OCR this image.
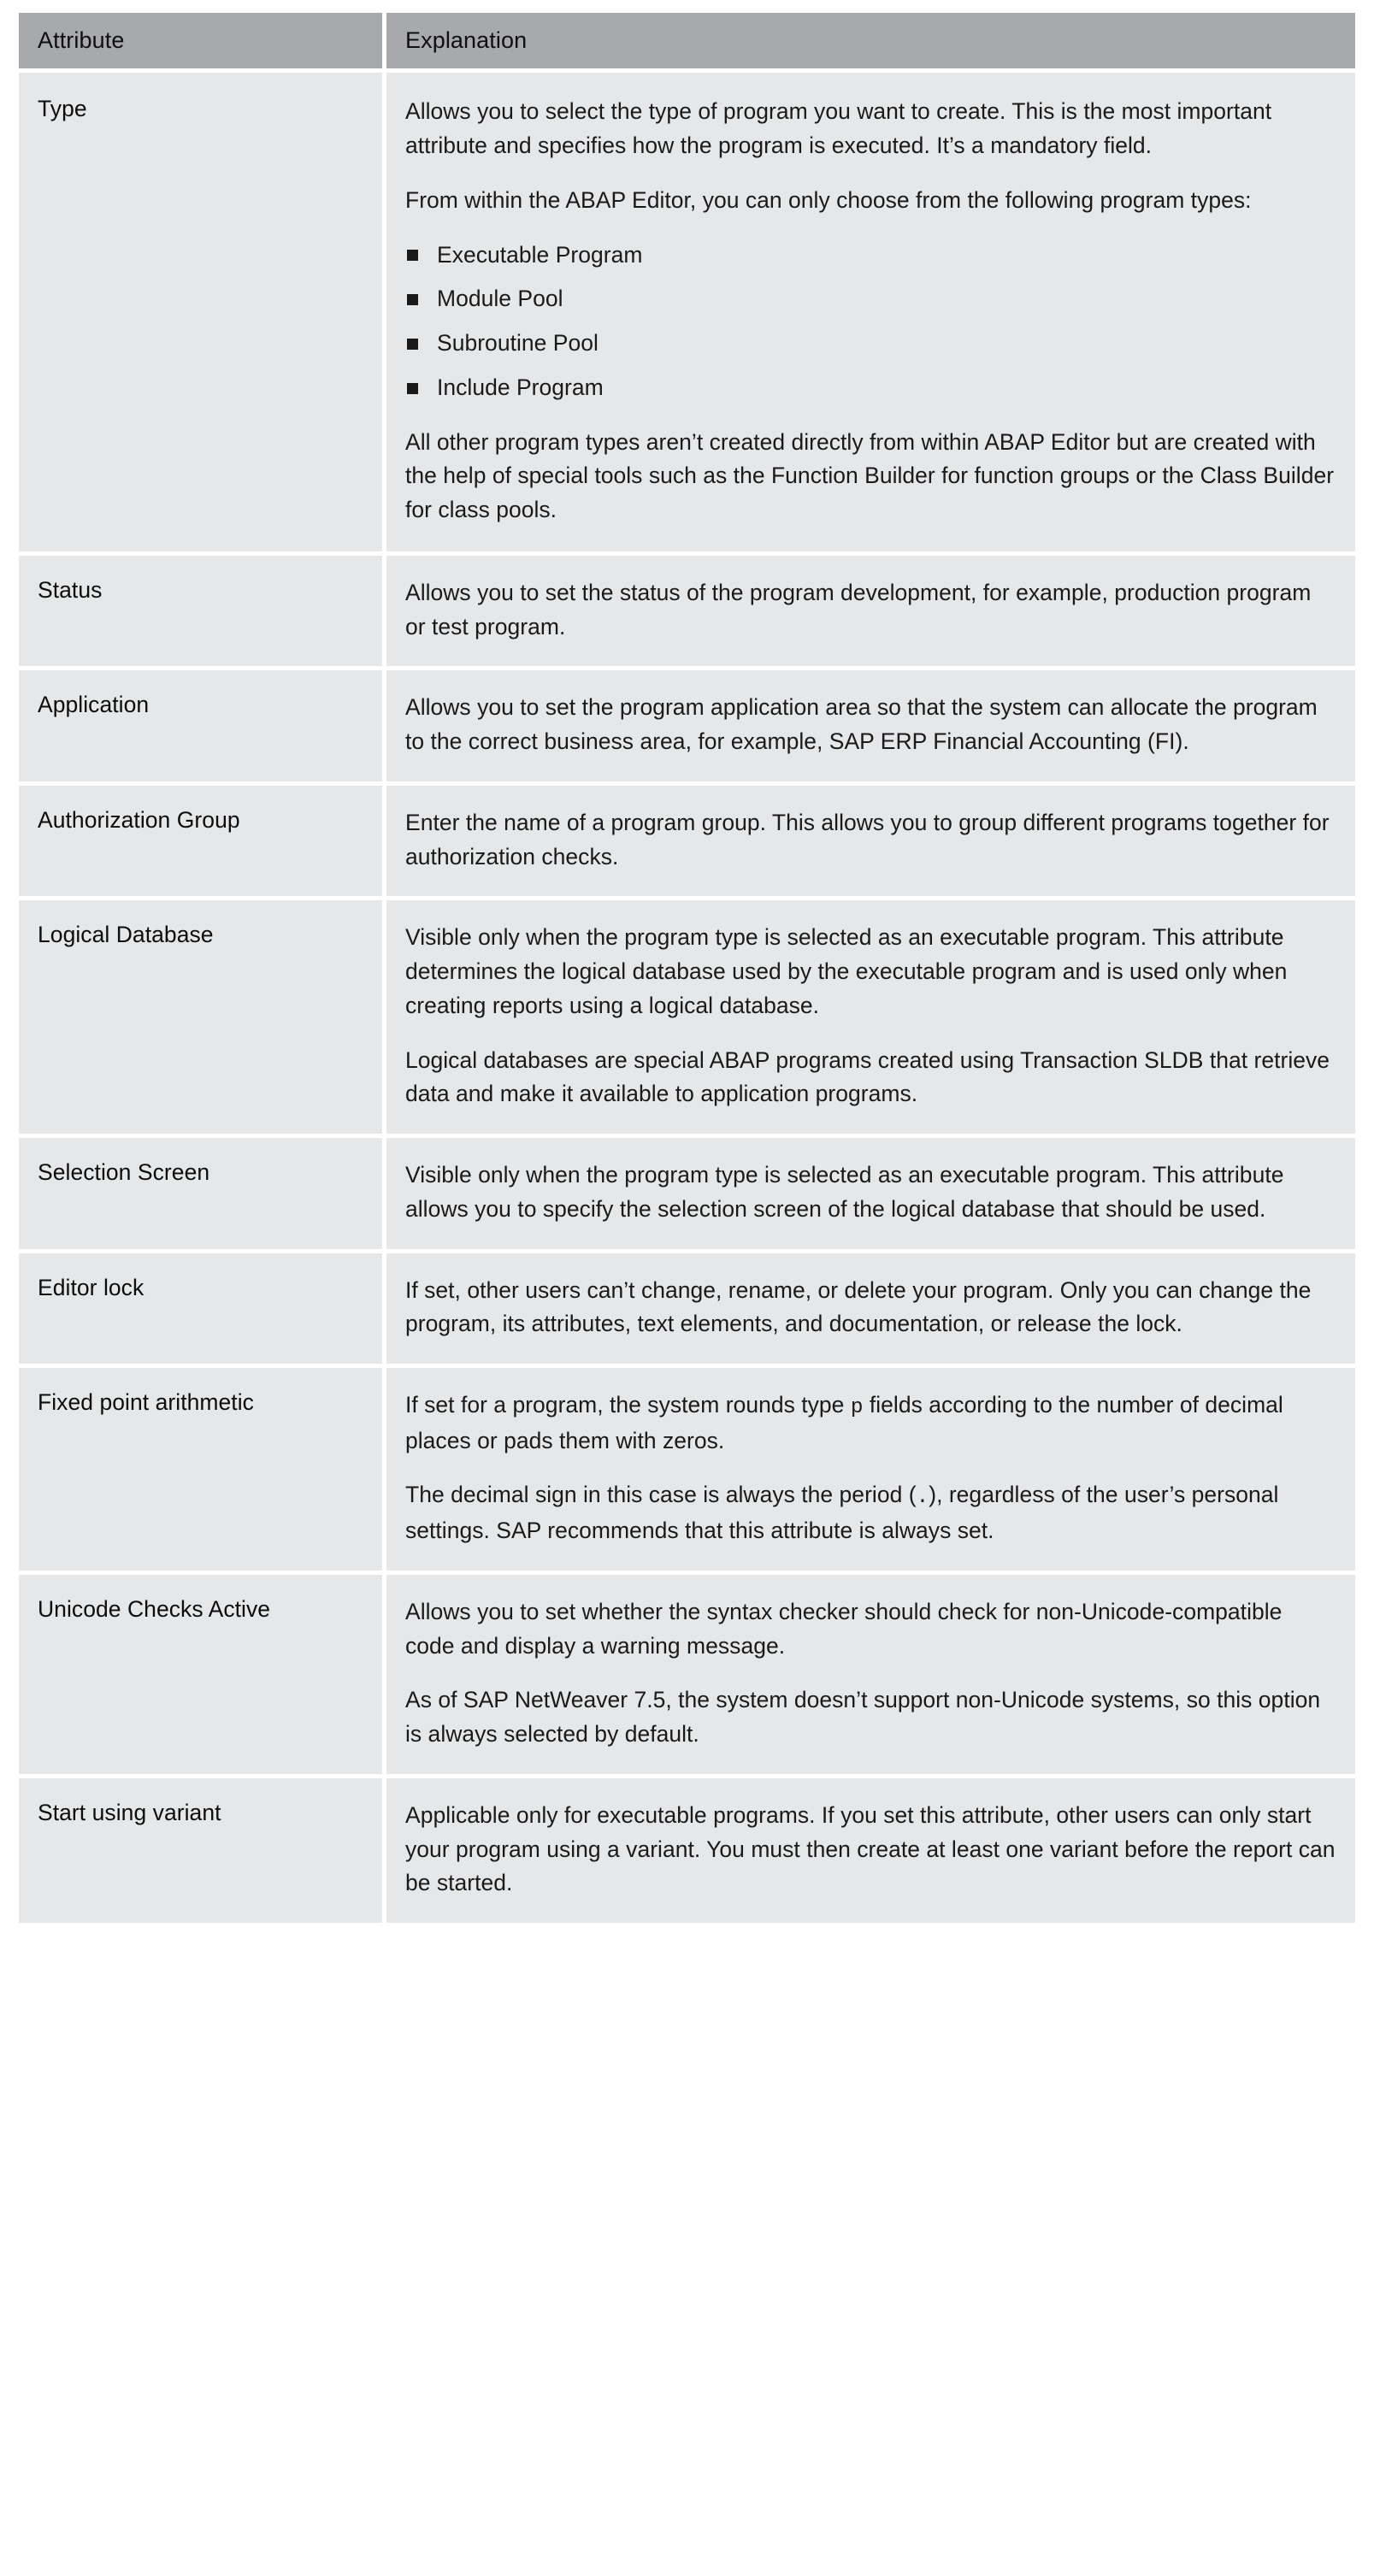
Attribute	Explanation
Type	Allows you to select the type of program you want to create. This is the most important attribute and specifies how the program is executed. It’s a mandatory field.

From within the ABAP Editor, you can only choose from the following program types:

Executable Program
Module Pool
Subroutine Pool
Include Program

All other program types aren’t created directly from within ABAP Editor but are created with the help of special tools such as the Function Builder for function groups or the Class Builder for class pools.

Status	Allows you to set the status of the program development, for example, production program or test program.

Application	Allows you to set the program application area so that the system can allocate the program to the correct business area, for example, SAP ERP Financial Accounting (FI).

Authorization Group	Enter the name of a program group. This allows you to group different programs together for authorization checks.

Logical Database	Visible only when the program type is selected as an executable program. This attribute determines the logical database used by the executable program and is used only when creating reports using a logical database.

Logical databases are special ABAP programs created using Transaction SLDB that retrieve data and make it available to application programs.

Selection Screen	Visible only when the program type is selected as an executable program. This attribute allows you to specify the selection screen of the logical database that should be used.

Editor lock	If set, other users can’t change, rename, or delete your program. Only you can change the program, its attributes, text elements, and documentation, or release the lock.

Fixed point arithmetic	If set for a program, the system rounds type p fields according to the number of decimal places or pads them with zeros.

The decimal sign in this case is always the period (.), regardless of the user’s personal settings. SAP recommends that this attribute is always set.

Unicode Checks Active	Allows you to set whether the syntax checker should check for non-Unicode-compatible code and display a warning message.

As of SAP NetWeaver 7.5, the system doesn’t support non-Unicode systems, so this option is always selected by default.

Start using variant	Applicable only for executable programs. If you set this attribute, other users can only start your program using a variant. You must then create at least one variant before the report can be started.
